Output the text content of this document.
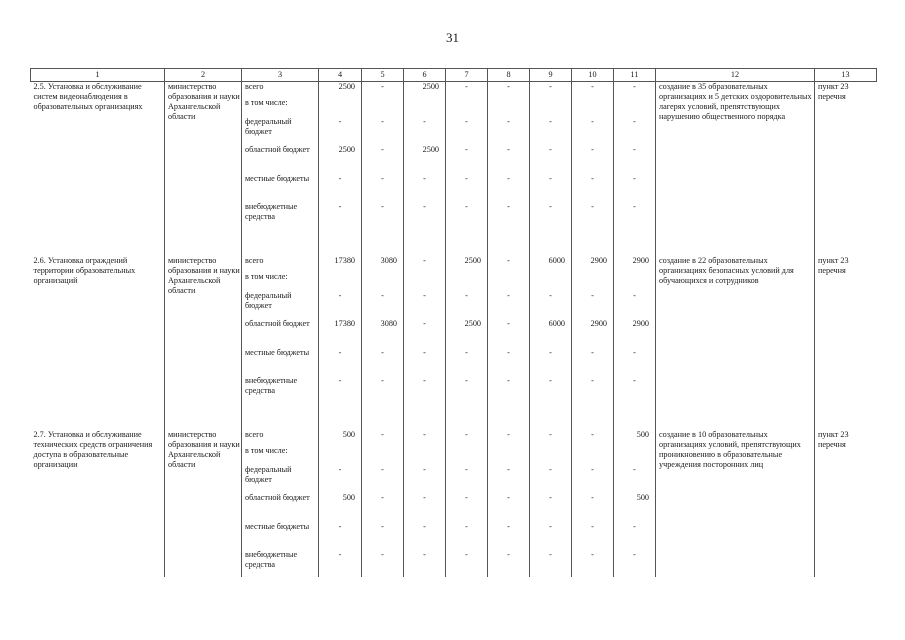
31
1	2	3	4	5	6	7	8	9	10	11	12	13
2.5. Установка и обслуживание систем видеонаблюдения в образовательных организациях	министерство образования и науки Архангельской области	всего	2500	-	2500	-	-	-	-	-	создание в 35 образовательных организациях и 5 детских оздоровительных лагерях условий, препятствующих нарушению общественного порядка	пункт 23 перечня
		в том числе:										
		федеральный бюджет	-	-	-	-	-	-	-	-		
		областной бюджет	2500	-	2500	-	-	-	-	-		
		местные бюджеты	-	-	-	-	-	-	-	-		
		внебюджетные средства	-	-	-	-	-	-	-	-		

2.6. Установка ограждений территории образовательных организаций	министерство образования и науки Архангельской области	всего	17380	3080	-	2500	-	6000	2900	2900	создание в 22 образовательных организациях безопасных условий для обучающихся и сотрудников	пункт 23 перечня
		в том числе:										
		федеральный бюджет	-	-	-	-	-	-	-	-		
		областной бюджет	17380	3080	-	2500	-	6000	2900	2900		
		местные бюджеты	-	-	-	-	-	-	-	-		
		внебюджетные средства	-	-	-	-	-	-	-	-		

2.7. Установка и обслуживание технических средств ограничения доступа в образовательные организации	министерство образования и науки Архангельской области	всего	500	-	-	-	-	-	-	500	создание в 10 образовательных организациях условий, препятствующих проникновению в образовательные учреждения посторонних лиц	пункт 23 перечня
		в том числе:										
		федеральный бюджет	-	-	-	-	-	-	-	-		
		областной бюджет	500	-	-	-	-	-	-	500		
		местные бюджеты	-	-	-	-	-	-	-	-		
		внебюджетные средства	-	-	-	-	-	-	-	-		
